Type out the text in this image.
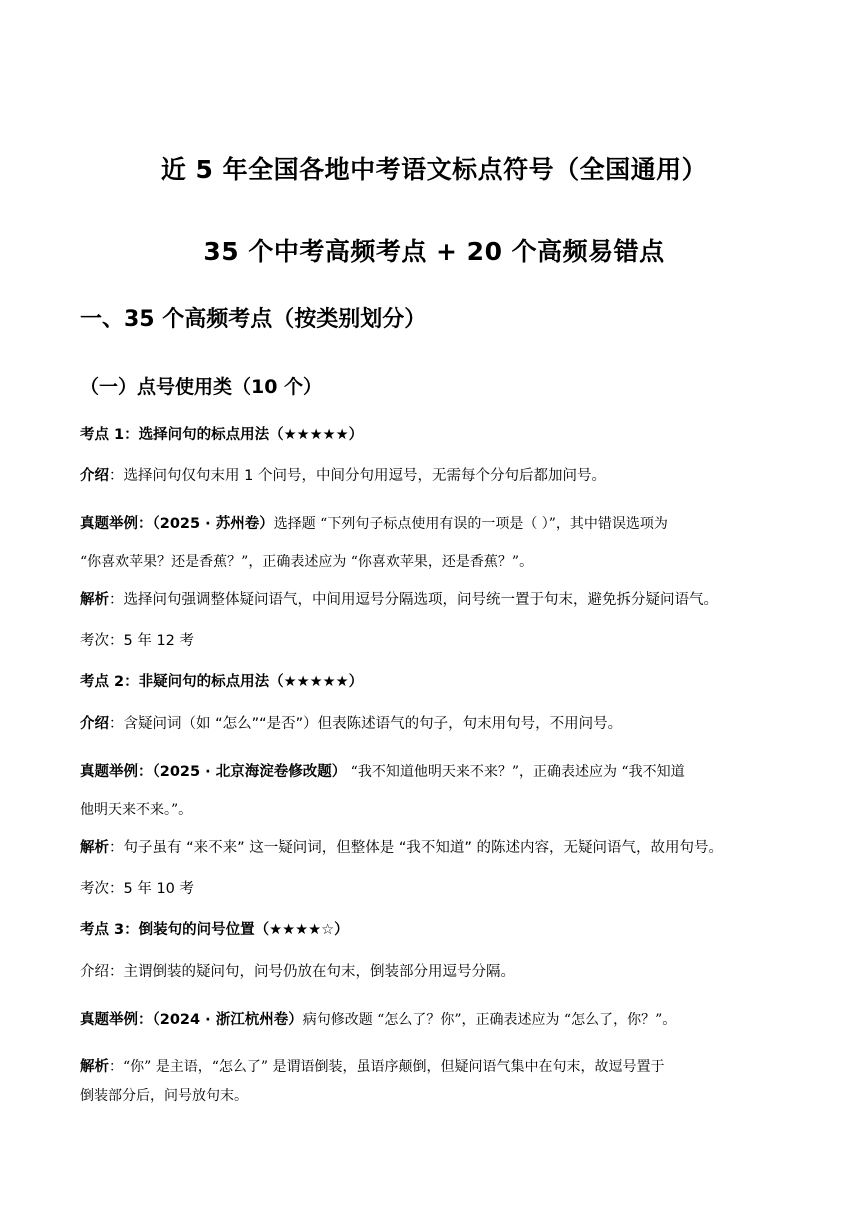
近 5 年全国各地中考语文标点符号（全国通用）
35 个中考高频考点 + 20 个高频易错点
一、35 个高频考点（按类别划分）
（一）点号使用类（10 个）
考点 1：选择问句的标点用法（★★★★★）
介绍：选择问句仅句末用 1 个问号，中间分句用逗号，无需每个分句后都加问号。
真题举例：（2025 · 苏州卷）选择题 “下列句子标点使用有误的一项是（ ）”，其中错误选项为
“你喜欢苹果？还是香蕉？”，正确表述应为 “你喜欢苹果，还是香蕉？”。
解析：选择问句强调整体疑问语气，中间用逗号分隔选项，问号统一置于句末，避免拆分疑问语气。
考次：5 年 12 考
考点 2：非疑问句的标点用法（★★★★★）
介绍：含疑问词（如 “怎么”“是否”）但表陈述语气的句子，句末用句号，不用问号。
真题举例：（2025 · 北京海淀卷修改题） “我不知道他明天来不来？”，正确表述应为 “我不知道
他明天来不来。”。
解析：句子虽有 “来不来” 这一疑问词，但整体是 “我不知道” 的陈述内容，无疑问语气，故用句号。
考次：5 年 10 考
考点 3：倒装句的问号位置（★★★★☆）
介绍：主谓倒装的疑问句，问号仍放在句末，倒装部分用逗号分隔。
真题举例：（2024 · 浙江杭州卷）病句修改题 “怎么了？你”，正确表述应为 “怎么了，你？”。
解析：“你” 是主语，“怎么了” 是谓语倒装，虽语序颠倒，但疑问语气集中在句末，故逗号置于
倒装部分后，问号放句末。
